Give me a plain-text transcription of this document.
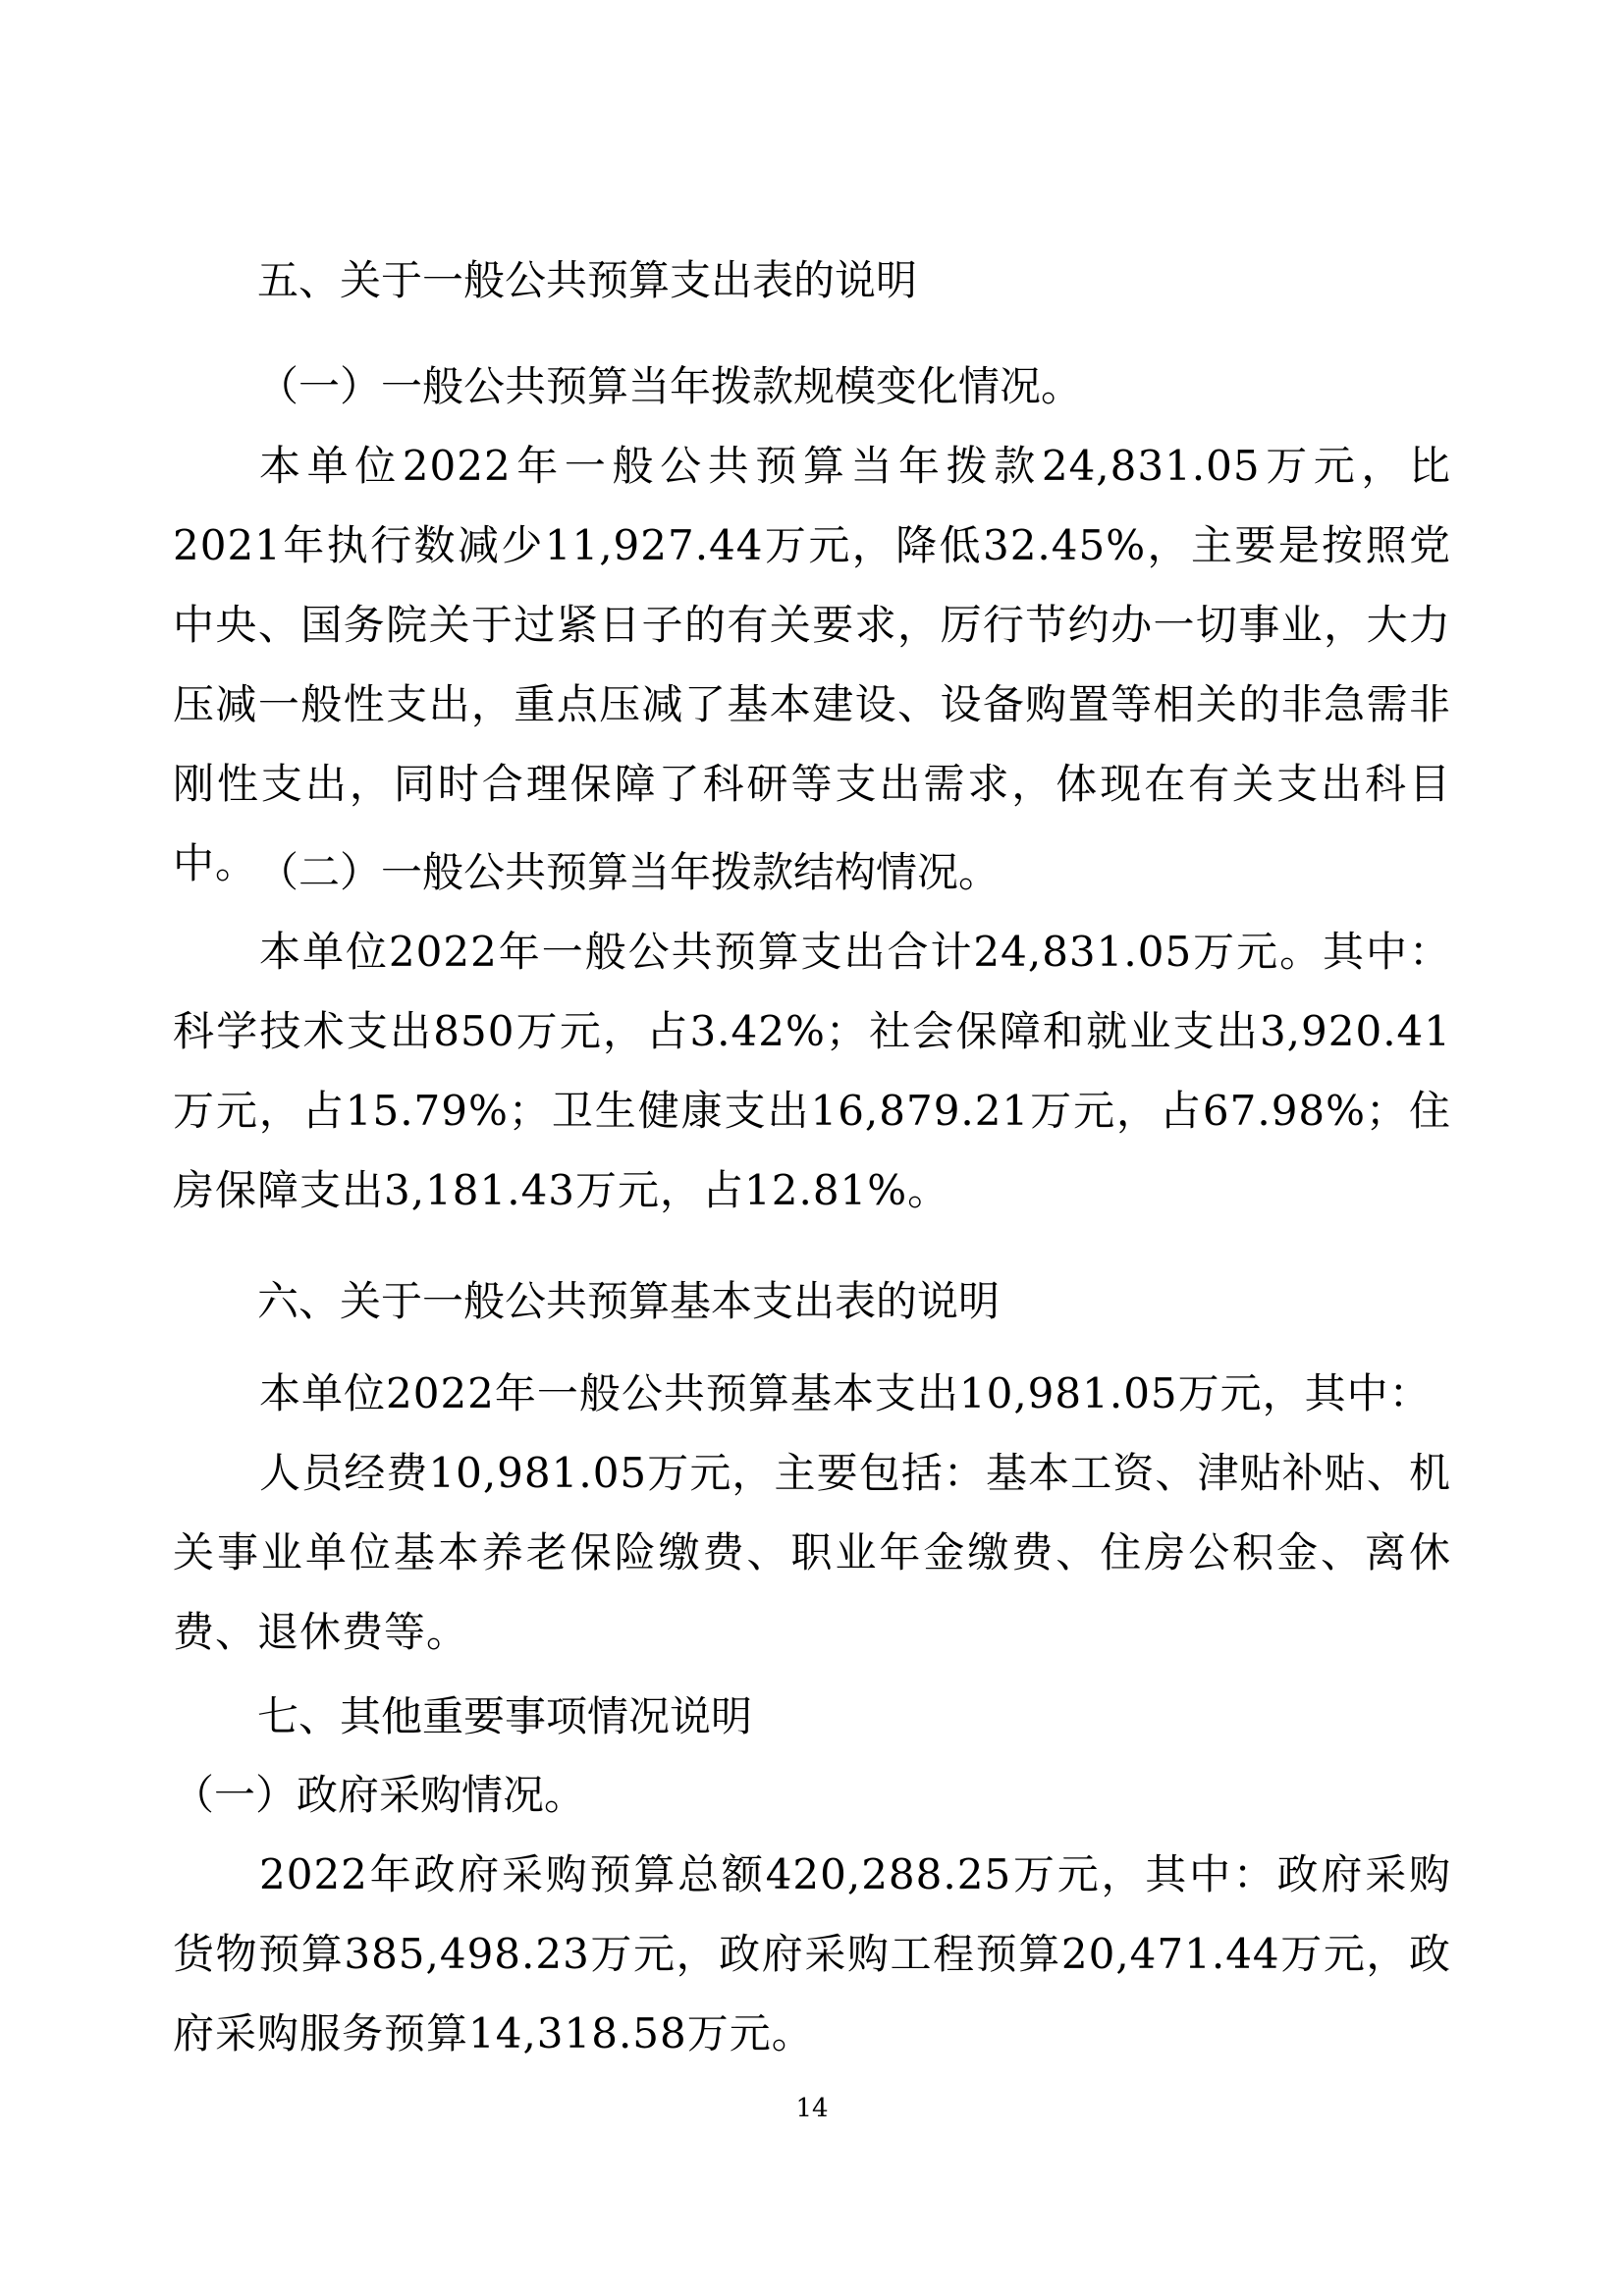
五、关于一般公共预算支出表的说明
（一）一般公共预算当年拨款规模变化情况。
本单位2022年一般公共预算当年拨款24,831.05万元，比2021年执行数减少11,927.44万元，降低32.45%，主要是按照党中央、国务院关于过紧日子的有关要求，厉行节约办一切事业，大力压减一般性支出，重点压减了基本建设、设备购置等相关的非急需非刚性支出，同时合理保障了科研等支出需求，体现在有关支出科目中。 （二）一般公共预算当年拨款结构情况。
本单位2022年一般公共预算支出合计24,831.05万元。其中：科学技术支出850万元，占3.42%；社会保障和就业支出3,920.41万元，占15.79%；卫生健康支出16,879.21万元，占67.98%；住房保障支出3,181.43万元，占12.81%。
六、关于一般公共预算基本支出表的说明
本单位2022年一般公共预算基本支出10,981.05万元，其中：
人员经费10,981.05万元，主要包括：基本工资、津贴补贴、机关事业单位基本养老保险缴费、职业年金缴费、住房公积金、离休费、退休费等。
七、其他重要事项情况说明
（一）政府采购情况。
2022年政府采购预算总额420,288.25万元，其中：政府采购货物预算385,498.23万元，政府采购工程预算20,471.44万元，政府采购服务预算14,318.58万元。
14
